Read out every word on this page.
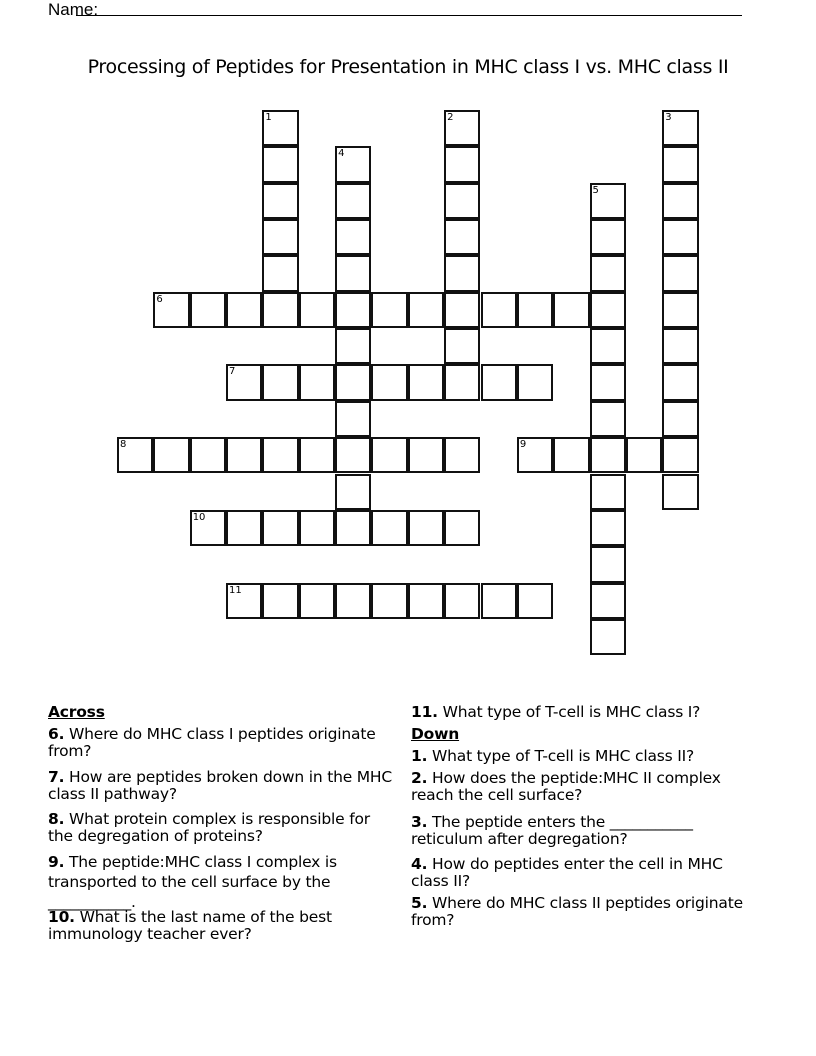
Name:
Processing of Peptides for Presentation in MHC class I vs. MHC class II
1	2	3
4
5
6
7
8	9
10
11
Across
6. Where do MHC class I peptides originate from?
7. How are peptides broken down in the MHC class II pathway?
8. What protein complex is responsible for the degregation of proteins?
9. The peptide:MHC class I complex is transported to the cell surface by the ___________.
10. What is the last name of the best immunology teacher ever?
11. What type of T-cell is MHC class I?
Down
1. What type of T-cell is MHC class II?
2. How does the peptide:MHC II complex reach the cell surface?
3. The peptide enters the ___________ reticulum after degregation?
4. How do peptides enter the cell in MHC class II?
5. Where do MHC class II peptides originate from?
